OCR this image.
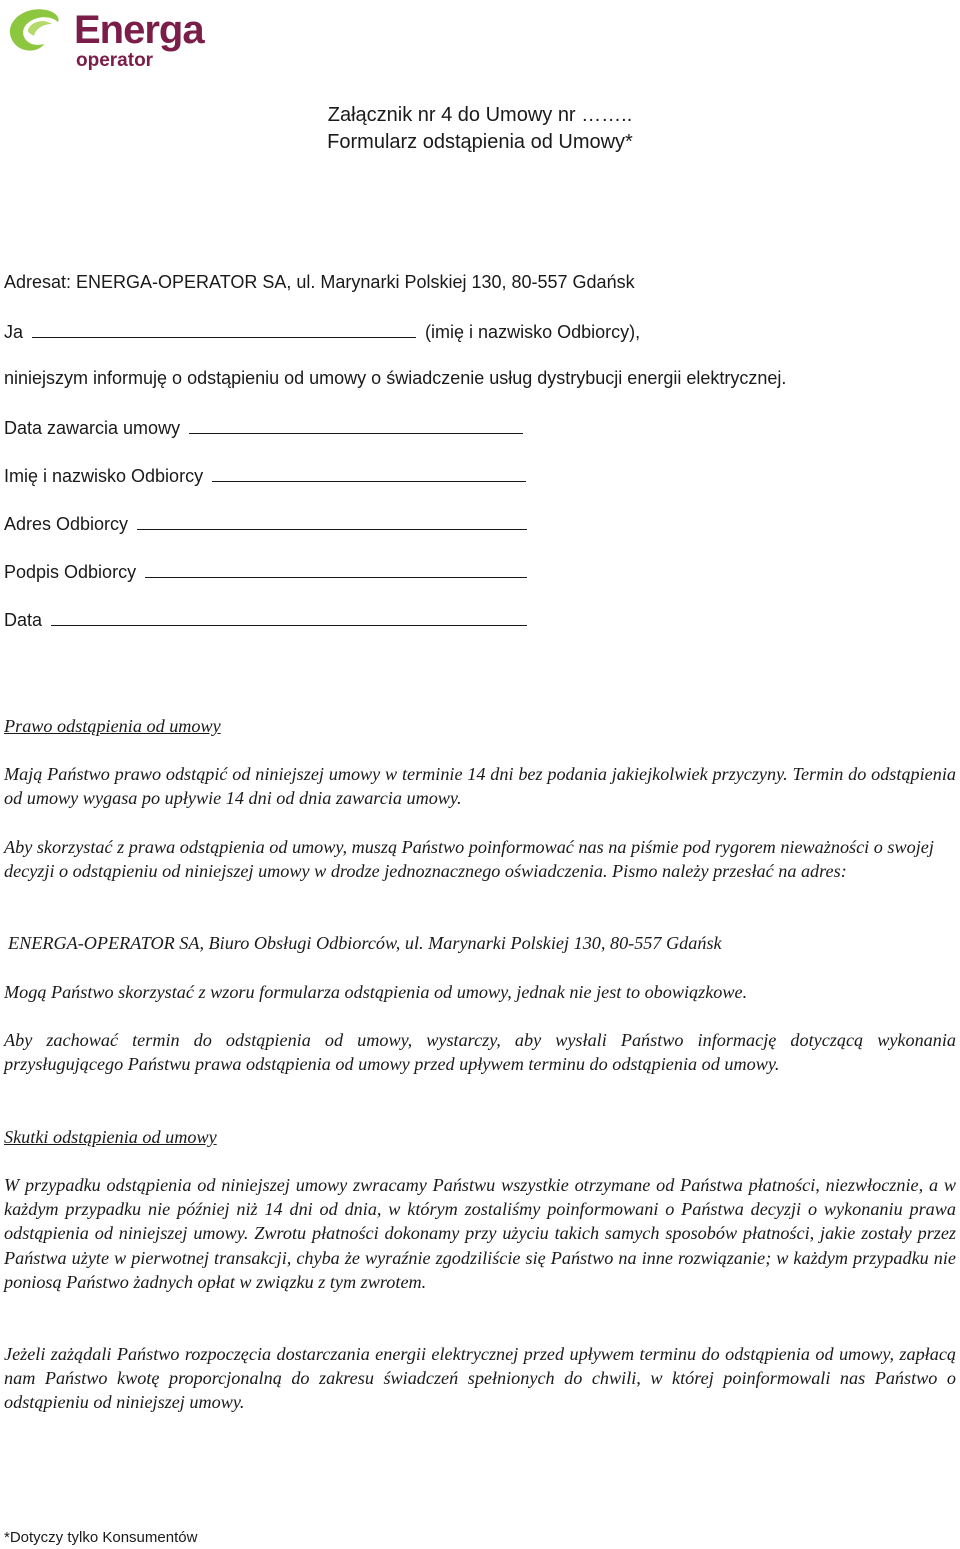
Energa
operator
Załącznik nr 4 do Umowy nr ……..
Formularz odstąpienia od Umowy*
Adresat: ENERGA-OPERATOR SA, ul. Marynarki Polskiej 130, 80-557 Gdańsk
Ja	(imię i nazwisko Odbiorcy),
niniejszym informuję o odstąpieniu od umowy o świadczenie usług dystrybucji energii elektrycznej.
Data zawarcia umowy
Imię i nazwisko Odbiorcy
Adres Odbiorcy
Podpis Odbiorcy
Data
Prawo odstąpienia od umowy
Mają Państwo prawo odstąpić od niniejszej umowy w terminie 14 dni bez podania jakiejkolwiek przyczyny. Termin do odstąpienia od umowy wygasa po upływie 14 dni od dnia zawarcia umowy.
Aby skorzystać z prawa odstąpienia od umowy, muszą Państwo poinformować nas na piśmie pod rygorem nieważności o swojej decyzji o odstąpieniu od niniejszej umowy w drodze jednoznacznego oświadczenia. Pismo należy przesłać na adres:
ENERGA-OPERATOR SA, Biuro Obsługi Odbiorców, ul. Marynarki Polskiej 130, 80-557 Gdańsk
Mogą Państwo skorzystać z wzoru formularza odstąpienia od umowy, jednak nie jest to obowiązkowe.
Aby zachować termin do odstąpienia od umowy, wystarczy, aby wysłali Państwo informację dotyczącą wykonania przysługującego Państwu prawa odstąpienia od umowy przed upływem terminu do odstąpienia od umowy.
Skutki odstąpienia od umowy
W przypadku odstąpienia od niniejszej umowy zwracamy Państwu wszystkie otrzymane od Państwa płatności, niezwłocznie, a w każdym przypadku nie później niż 14 dni od dnia, w którym zostaliśmy poinformowani o Państwa decyzji o wykonaniu prawa odstąpienia od niniejszej umowy. Zwrotu płatności dokonamy przy użyciu takich samych sposobów płatności, jakie zostały przez Państwa użyte w pierwotnej transakcji, chyba że wyraźnie zgodziliście się Państwo na inne rozwiązanie; w każdym przypadku nie poniosą Państwo żadnych opłat w związku z tym zwrotem.
Jeżeli zażądali Państwo rozpoczęcia dostarczania energii elektrycznej przed upływem terminu do odstąpienia od umowy, zapłacą nam Państwo kwotę proporcjonalną do zakresu świadczeń spełnionych do chwili, w której poinformowali nas Państwo o odstąpieniu od niniejszej umowy.
*Dotyczy tylko Konsumentów
